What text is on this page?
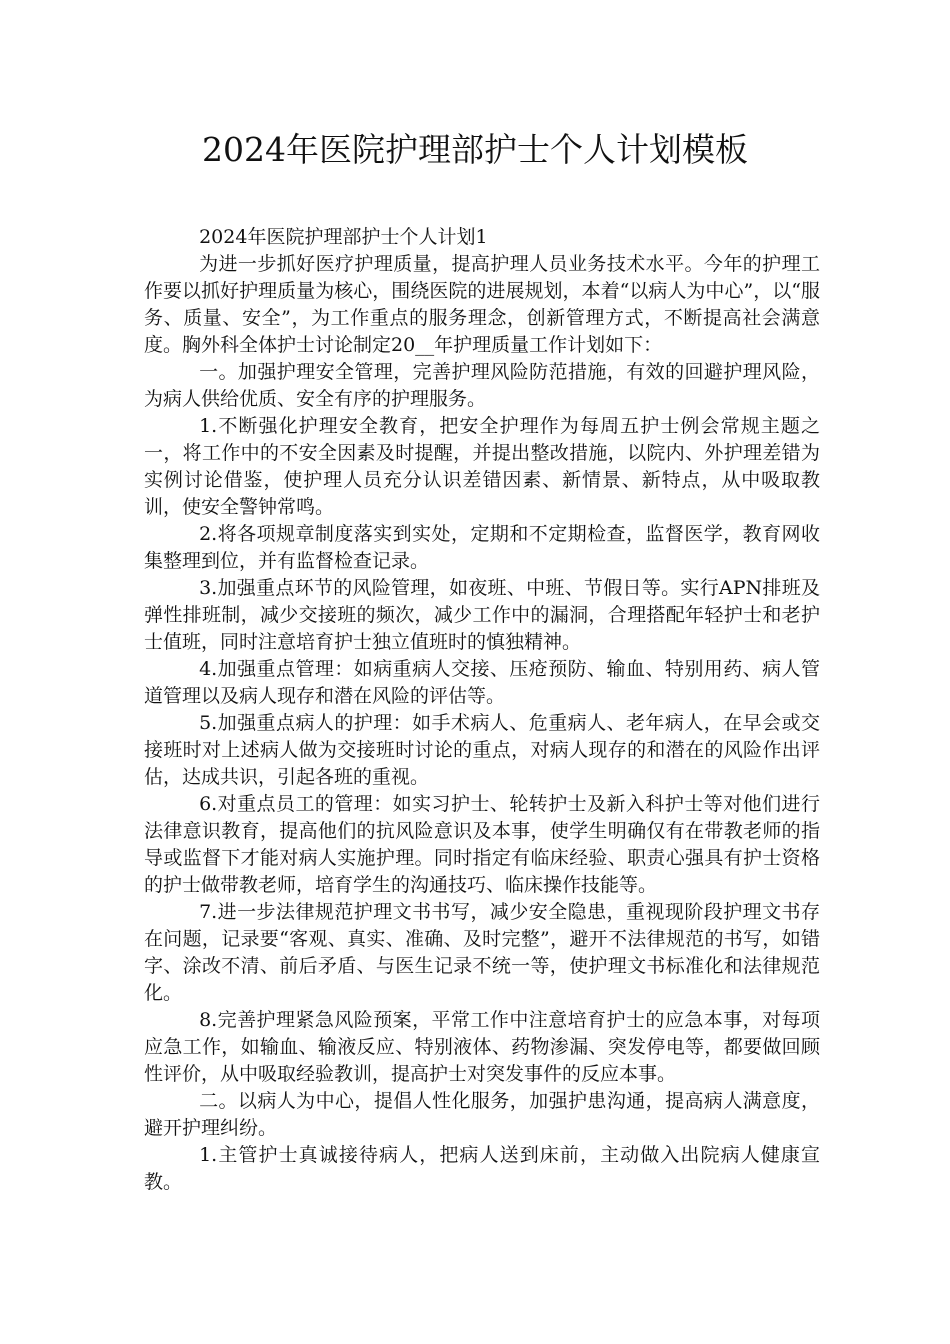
2024年医院护理部护士个人计划模板

2024年医院护理部护士个人计划1

为进一步抓好医疗护理质量，提高护理人员业务技术水平。今年的护理工作要以抓好护理质量为核心，围绕医院的进展规划，本着“以病人为中心”，以“服务、质量、安全”，为工作重点的服务理念，创新管理方式，不断提高社会满意度。胸外科全体护士讨论制定20__年护理质量工作计划如下：

一。加强护理安全管理，完善护理风险防范措施，有效的回避护理风险，为病人供给优质、安全有序的护理服务。

1.不断强化护理安全教育，把安全护理作为每周五护士例会常规主题之一，将工作中的不安全因素及时提醒，并提出整改措施，以院内、外护理差错为实例讨论借鉴，使护理人员充分认识差错因素、新情景、新特点，从中吸取教训，使安全警钟常鸣。

2.将各项规章制度落实到实处，定期和不定期检查，监督医学，教育网收集整理到位，并有监督检查记录。

3.加强重点环节的风险管理，如夜班、中班、节假日等。实行APN排班及弹性排班制，减少交接班的频次，减少工作中的漏洞，合理搭配年轻护士和老护士值班，同时注意培育护士独立值班时的慎独精神。

4.加强重点管理：如病重病人交接、压疮预防、输血、特别用药、病人管道管理以及病人现存和潜在风险的评估等。

5.加强重点病人的护理：如手术病人、危重病人、老年病人，在早会或交接班时对上述病人做为交接班时讨论的重点，对病人现存的和潜在的风险作出评估，达成共识，引起各班的重视。

6.对重点员工的管理：如实习护士、轮转护士及新入科护士等对他们进行法律意识教育，提高他们的抗风险意识及本事，使学生明确仅有在带教老师的指导或监督下才能对病人实施护理。同时指定有临床经验、职责心强具有护士资格的护士做带教老师，培育学生的沟通技巧、临床操作技能等。

7.进一步法律规范护理文书书写，减少安全隐患，重视现阶段护理文书存在问题，记录要“客观、真实、准确、及时完整”，避开不法律规范的书写，如错字、涂改不清、前后矛盾、与医生记录不统一等，使护理文书标准化和法律规范化。

8.完善护理紧急风险预案，平常工作中注意培育护士的应急本事，对每项应急工作，如输血、输液反应、特别液体、药物渗漏、突发停电等，都要做回顾性评价，从中吸取经验教训，提高护士对突发事件的反应本事。

二。以病人为中心，提倡人性化服务，加强护患沟通，提高病人满意度，避开护理纠纷。

1.主管护士真诚接待病人，把病人送到床前，主动做入出院病人健康宣教。
